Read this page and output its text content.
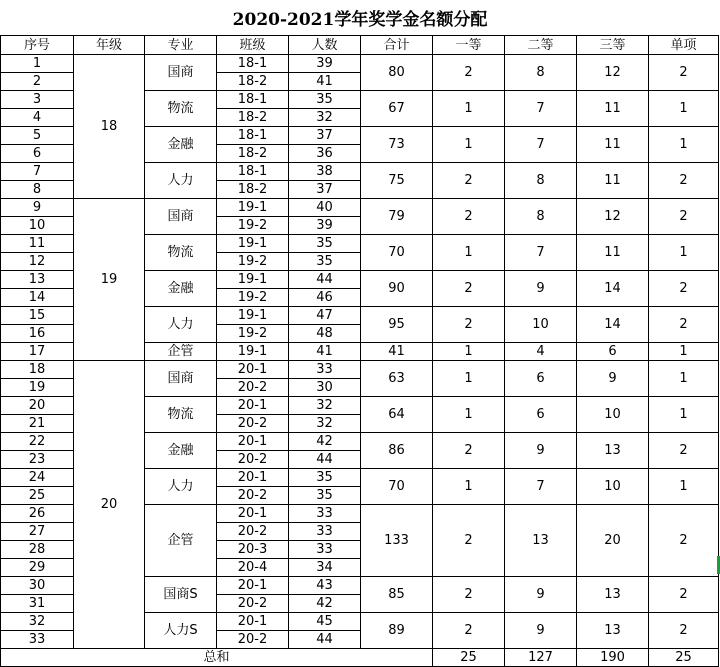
2020-2021学年奖学金名额分配
序号	年级	专业	班级	人数	合计	一等	二等	三等	单项
1	18	国商	18-1	39	80	2	8	12	2
2			18-2	41					
3		物流	18-1	35	67	1	7	11	1
4			18-2	32					
5		金融	18-1	37	73	1	7	11	1
6			18-2	36					
7		人力	18-1	38	75	2	8	11	2
8			18-2	37					
9	19	国商	19-1	40	79	2	8	12	2
10			19-2	39					
11		物流	19-1	35	70	1	7	11	1
12			19-2	35					
13		金融	19-1	44	90	2	9	14	2
14			19-2	46					
15		人力	19-1	47	95	2	10	14	2
16			19-2	48					
17		企管	19-1	41	41	1	4	6	1
18	20	国商	20-1	33	63	1	6	9	1
19			20-2	30					
20		物流	20-1	32	64	1	6	10	1
21			20-2	32					
22		金融	20-1	42	86	2	9	13	2
23			20-2	44					
24		人力	20-1	35	70	1	7	10	1
25			20-2	35					
26		企管	20-1	33	133	2	13	20	2
27			20-2	33					
28			20-3	33					
29			20-4	34					
30		国商S	20-1	43	85	2	9	13	2
31			20-2	42					
32		人力S	20-1	45	89	2	9	13	2
33			20-2	44					
总和						25	127	190	25
